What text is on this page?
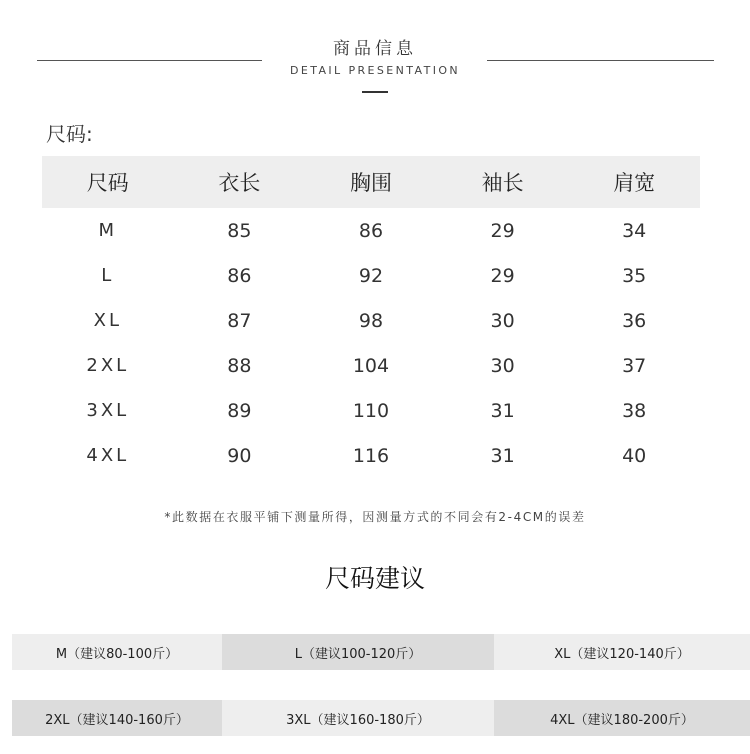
商品信息
DETAIL PRESENTATION
尺码:
尺码	衣长	胸围	袖长	肩宽
M	85	86	29	34
L	86	92	29	35
XL	87	98	30	36
2XL	88	104	30	37
3XL	89	110	31	38
4XL	90	116	31	40
*此数据在衣服平铺下测量所得，因测量方式的不同会有2-4CM的误差
尺码建议
M（建议80-100斤）	L（建议100-120斤）	XL（建议120-140斤）
2XL（建议140-160斤）	3XL（建议160-180斤）	4XL（建议180-200斤）
